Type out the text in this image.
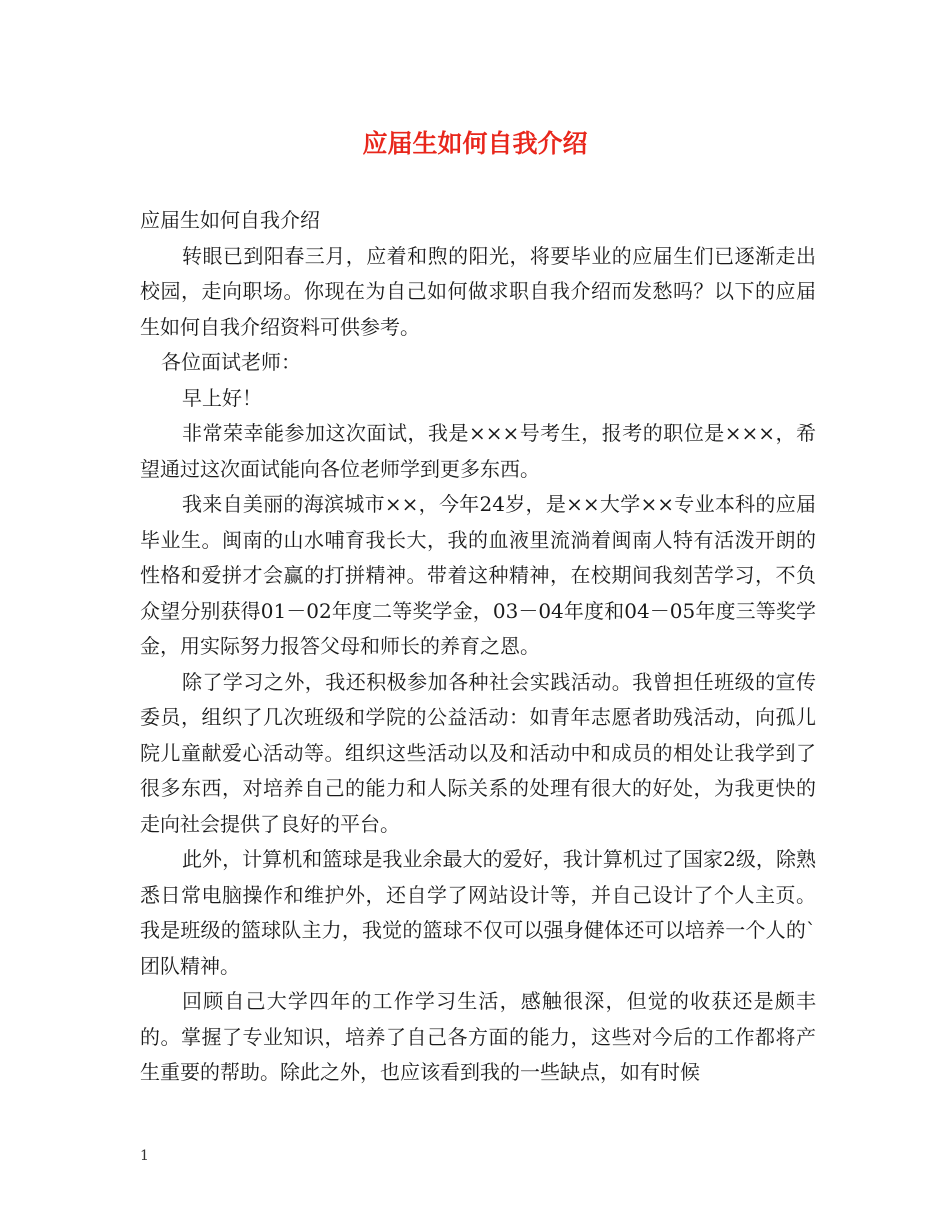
应届生如何自我介绍

应届生如何自我介绍

转眼已到阳春三月，应着和煦的阳光，将要毕业的应届生们已逐渐走出校园，走向职场。你现在为自己如何做求职自我介绍而发愁吗？以下的应届生如何自我介绍资料可供参考。

各位面试老师：

早上好！

非常荣幸能参加这次面试，我是×××号考生，报考的职位是×××，希望通过这次面试能向各位老师学到更多东西。

我来自美丽的海滨城市××，今年24岁，是××大学××专业本科的应届毕业生。闽南的山水哺育我长大，我的血液里流淌着闽南人特有活泼开朗的性格和爱拼才会赢的打拼精神。带着这种精神，在校期间我刻苦学习，不负众望分别获得01－02年度二等奖学金，03－04年度和04－05年度三等奖学金，用实际努力报答父母和师长的养育之恩。

除了学习之外，我还积极参加各种社会实践活动。我曾担任班级的宣传委员，组织了几次班级和学院的公益活动：如青年志愿者助残活动，向孤儿院儿童献爱心活动等。组织这些活动以及和活动中和成员的相处让我学到了很多东西，对培养自己的能力和人际关系的处理有很大的好处，为我更快的走向社会提供了良好的平台。

此外，计算机和篮球是我业余最大的爱好，我计算机过了国家2级，除熟悉日常电脑操作和维护外，还自学了网站设计等，并自己设计了个人主页。我是班级的篮球队主力，我觉的篮球不仅可以强身健体还可以培养一个人的`团队精神。

回顾自己大学四年的工作学习生活，感触很深，但觉的收获还是颇丰的。掌握了专业知识，培养了自己各方面的能力，这些对今后的工作都将产生重要的帮助。除此之外，也应该看到我的一些缺点，如有时候

1
